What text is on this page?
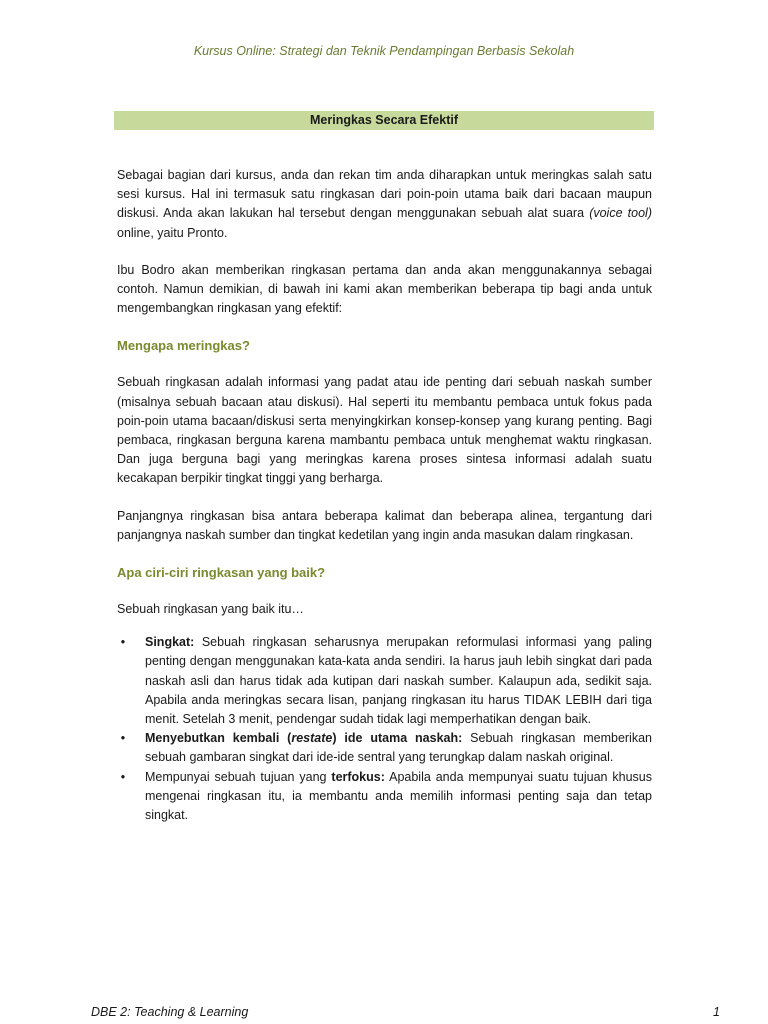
Kursus Online: Strategi dan Teknik Pendampingan Berbasis Sekolah
Meringkas Secara Efektif

Sebagai bagian dari kursus, anda dan rekan tim anda diharapkan untuk meringkas salah satu sesi kursus. Hal ini termasuk satu ringkasan dari poin-poin utama baik dari bacaan maupun diskusi. Anda akan lakukan hal tersebut dengan menggunakan sebuah alat suara (voice tool) online, yaitu Pronto.

Ibu Bodro akan memberikan ringkasan pertama dan anda akan menggunakannya sebagai contoh. Namun demikian, di bawah ini kami akan memberikan beberapa tip bagi anda untuk mengembangkan ringkasan yang efektif:

Mengapa meringkas?

Sebuah ringkasan adalah informasi yang padat atau ide penting dari sebuah naskah sumber (misalnya sebuah bacaan atau diskusi). Hal seperti itu membantu pembaca untuk fokus pada poin-poin utama bacaan/diskusi serta menyingkirkan konsep-konsep yang kurang penting. Bagi pembaca, ringkasan berguna karena mambantu pembaca untuk menghemat waktu ringkasan. Dan juga berguna bagi yang meringkas karena proses sintesa informasi adalah suatu kecakapan berpikir tingkat tinggi yang berharga.

Panjangnya ringkasan bisa antara beberapa kalimat dan beberapa alinea, tergantung dari panjangnya naskah sumber dan tingkat kedetilan yang ingin anda masukan dalam ringkasan.

Apa ciri-ciri ringkasan yang baik?

Sebuah ringkasan yang baik itu…

•	Singkat: Sebuah ringkasan seharusnya merupakan reformulasi informasi yang paling penting dengan menggunakan kata-kata anda sendiri. Ia harus jauh lebih singkat dari pada naskah asli dan harus tidak ada kutipan dari naskah sumber. Kalaupun ada, sedikit saja. Apabila anda meringkas secara lisan, panjang ringkasan itu harus TIDAK LEBIH dari tiga menit. Setelah 3 menit, pendengar sudah tidak lagi memperhatikan dengan baik.
•	Menyebutkan kembali (restate) ide utama naskah: Sebuah ringkasan memberikan sebuah gambaran singkat dari ide-ide sentral yang terungkap dalam naskah original.
•	Mempunyai sebuah tujuan yang terfokus: Apabila anda mempunyai suatu tujuan khusus mengenai ringkasan itu, ia membantu anda memilih informasi penting saja dan tetap singkat.
DBE 2: Teaching & Learning	1
